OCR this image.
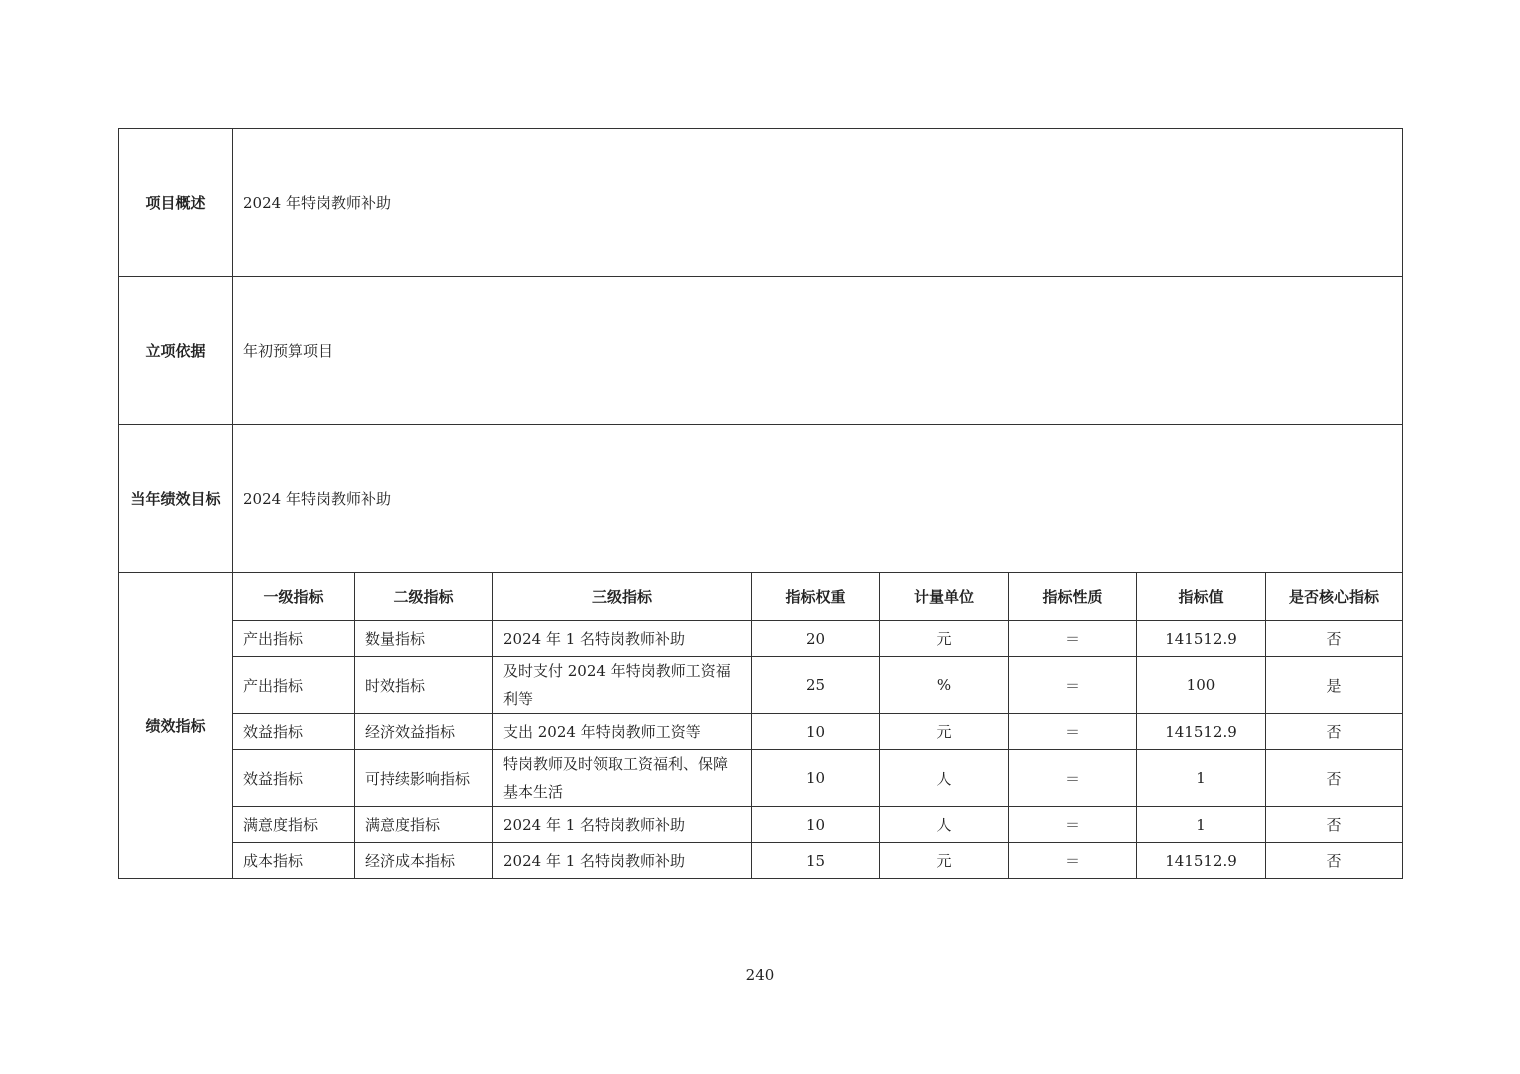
项目概述	2024 年特岗教师补助							
立项依据	年初预算项目							
当年绩效目标	2024 年特岗教师补助							
绩效指标	一级指标	二级指标	三级指标	指标权重	计量单位	指标性质	指标值	是否核心指标
	产出指标	数量指标	2024 年 1 名特岗教师补助	20	元	＝	141512.9	否
	产出指标	时效指标	及时支付 2024 年特岗教师工资福利等	25	%	＝	100	是
	效益指标	经济效益指标	支出 2024 年特岗教师工资等	10	元	＝	141512.9	否
	效益指标	可持续影响指标	特岗教师及时领取工资福利、保障基本生活	10	人	＝	1	否
	满意度指标	满意度指标	2024 年 1 名特岗教师补助	10	人	＝	1	否
	成本指标	经济成本指标	2024 年 1 名特岗教师补助	15	元	＝	141512.9	否
240
